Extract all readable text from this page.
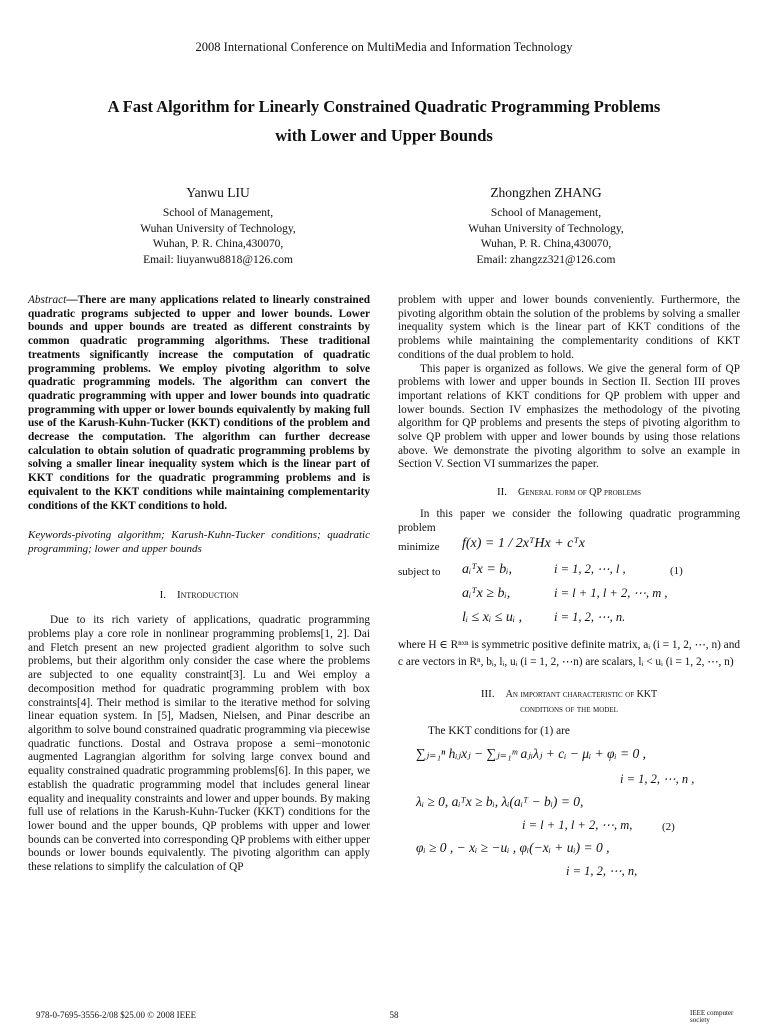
2008 International Conference on MultiMedia and Information Technology
A Fast Algorithm for Linearly Constrained Quadratic Programming Problems
with Lower and Upper Bounds
Yanwu LIU
School of Management,
Wuhan University of Technology,
Wuhan, P. R. China,430070,
Email: liuyanwu8818@126.com
Zhongzhen ZHANG
School of Management,
Wuhan University of Technology,
Wuhan, P. R. China,430070,
Email: zhangzz321@126.com

Abstract—There are many applications related to linearly constrained quadratic programs subjected to upper and lower bounds. Lower bounds and upper bounds are treated as different constraints by common quadratic programming algorithms. These traditional treatments significantly increase the computation of quadratic programming problems. We employ pivoting algorithm to solve quadratic programming models. The algorithm can convert the quadratic programming with upper and lower bounds into quadratic programming with upper or lower bounds equivalently by making full use of the Karush-Kuhn-Tucker (KKT) conditions of the problem and decrease the computation. The algorithm can further decrease calculation to obtain solution of quadratic programming problems by solving a smaller linear inequality system which is the linear part of KKT conditions for the quadratic programming problems and is equivalent to the KKT conditions while maintaining complementarity conditions of the KKT conditions to hold.

Keywords-pivoting algorithm; Karush-Kuhn-Tucker conditions; quadratic programming; lower and upper bounds

I. Introduction

Due to its rich variety of applications, quadratic programming problems play a core role in nonlinear programming problems[1, 2]. Dai and Fletch present an new projected gradient algorithm to solve such problems, but their algorithm only consider the case where the problems are subjected to one equality constraint[3]. Lu and Wei employ a decomposition method for quadratic programming problem with box constraints[4]. Their method is similar to the iterative method for solving linear equation system. In [5], Madsen, Nielsen, and Pinar describe an algorithm to solve bound constrained quadratic programming via piecewise quadratic functions. Dostal and Ostrava propose a semi−monotonic augmented Lagrangian algorithm for solving large convex bound and equality constrained quadratic programming problems[6]. In this paper, we establish the quadratic programming model that includes general linear equality and inequality constraints and lower and upper bounds. By making full use of relations in the Karush-Kuhn-Tucker (KKT) conditions for the lower bound and the upper bounds, QP problems with upper and lower bounds can be converted into corresponding QP problems with either upper bounds or lower bounds equivalently. The pivoting algorithm can apply these relations to simplify the calculation of QP

problem with upper and lower bounds conveniently. Furthermore, the pivoting algorithm obtain the solution of the problems by solving a smaller inequality system which is the linear part of KKT conditions of the problems while maintaining the complementarity conditions of KKT conditions of the dual problem to hold.

This paper is organized as follows. We give the general form of QP problems with lower and upper bounds in Section II. Section III proves important relations of KKT conditions for QP problem with upper and lower bounds. Section IV emphasizes the methodology of the pivoting algorithm for QP problems and presents the steps of pivoting algorithm to solve QP problem with upper and lower bounds by using those relations above. We demonstrate the pivoting algorithm to solve an example in Section V. Section VI summarizes the paper.

II. General form of QP problems

In this paper we consider the following quadratic programming problem

minimize f(x) = 1 / 2xᵀHx + cᵀx
subject to aᵢᵀx = bᵢ,	i = 1, 2, ⋯, l ,	(1)
aᵢᵀx ≥ bᵢ,	i = l + 1, l + 2, ⋯, m ,
lᵢ ≤ xᵢ ≤ uᵢ ,	i = 1, 2, ⋯, n.

where H ∈ Rⁿˣⁿ is symmetric positive definite matrix, aᵢ (i = 1, 2, ⋯, n) and c are vectors in Rⁿ, bᵢ, lᵢ, uᵢ (i = 1, 2, ⋯n) are scalars, lᵢ < uᵢ (i = 1, 2, ⋯, n)

III. An important characteristic of KKT
conditions of the model

The KKT conditions for (1) are

∑ⱼ₌₁ⁿ hᵢⱼxⱼ − ∑ⱼ₌₁ᵐ aⱼᵢλⱼ + cᵢ − μᵢ + φᵢ = 0 ,
i = 1, 2, ⋯, n ,
λᵢ ≥ 0, aᵢᵀx ≥ bᵢ, λᵢ(aᵢᵀ − bᵢ) = 0,
i = l + 1, l + 2, ⋯, m,	(2)
φᵢ ≥ 0 , − xᵢ ≥ −uᵢ , φᵢ(−xᵢ + uᵢ) = 0 ,
i = 1, 2, ⋯, n,
978-0-7695-3556-2/08 $25.00 © 2008 IEEE	58	IEEE computer society
